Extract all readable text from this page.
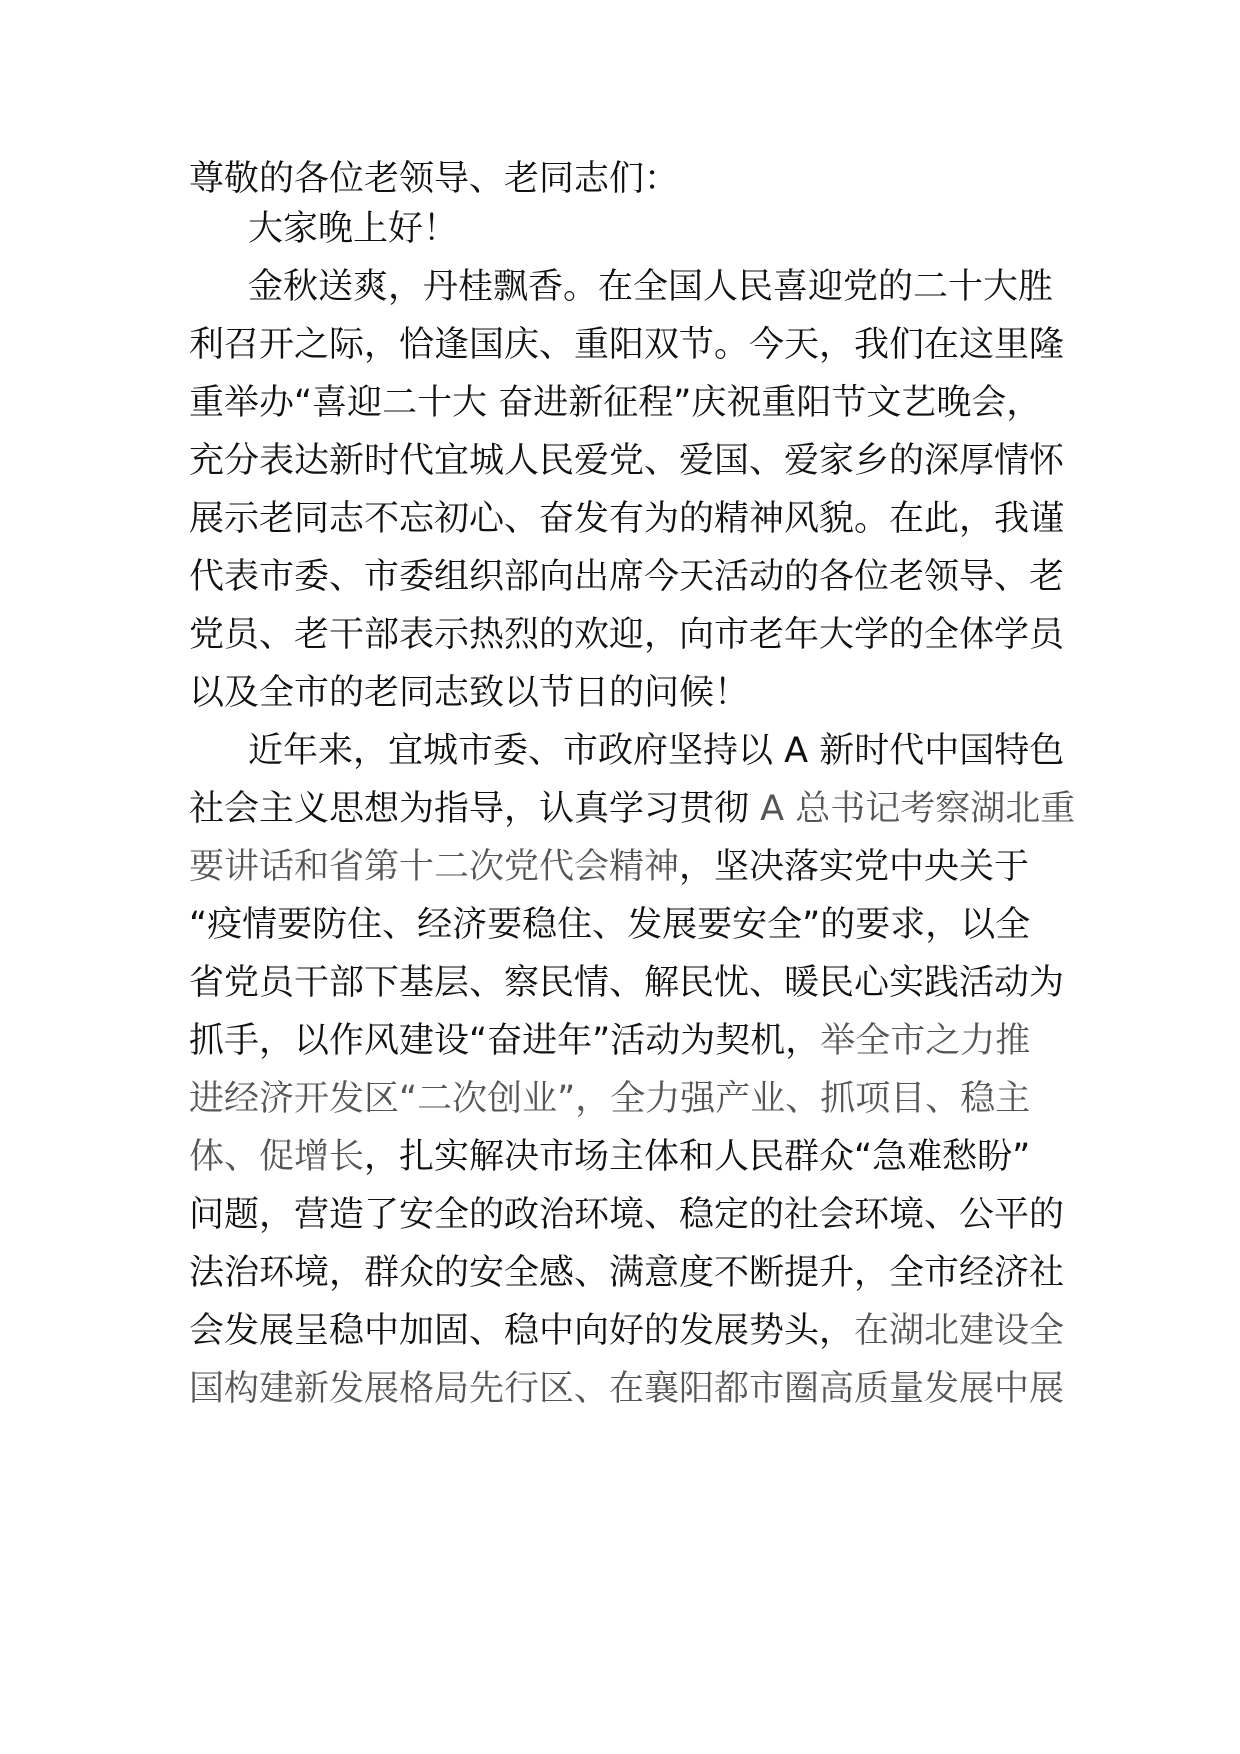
尊敬的各位老领导、老同志们：
大家晚上好！
金秋送爽，丹桂飘香。在全国人民喜迎党的二十大胜
利召开之际，恰逢国庆、重阳双节。今天，我们在这里隆
重举办“喜迎二十大 奋进新征程”庆祝重阳节文艺晚会，
充分表达新时代宜城人民爱党、爱国、爱家乡的深厚情怀
展示老同志不忘初心、奋发有为的精神风貌。在此，我谨
代表市委、市委组织部向出席今天活动的各位老领导、老
党员、老干部表示热烈的欢迎，向市老年大学的全体学员
以及全市的老同志致以节日的问候！
近年来，宜城市委、市政府坚持以 A 新时代中国特色
社会主义思想为指导，认真学习贯彻 A 总书记考察湖北重
要讲话和省第十二次党代会精神，坚决落实党中央关于
“疫情要防住、经济要稳住、发展要安全”的要求，以全
省党员干部下基层、察民情、解民忧、暖民心实践活动为
抓手，以作风建设“奋进年”活动为契机，举全市之力推
进经济开发区“二次创业”，全力强产业、抓项目、稳主
体、促增长，扎实解决市场主体和人民群众“急难愁盼”
问题，营造了安全的政治环境、稳定的社会环境、公平的
法治环境，群众的安全感、满意度不断提升，全市经济社
会发展呈稳中加固、稳中向好的发展势头，在湖北建设全
国构建新发展格局先行区、在襄阳都市圈高质量发展中展
